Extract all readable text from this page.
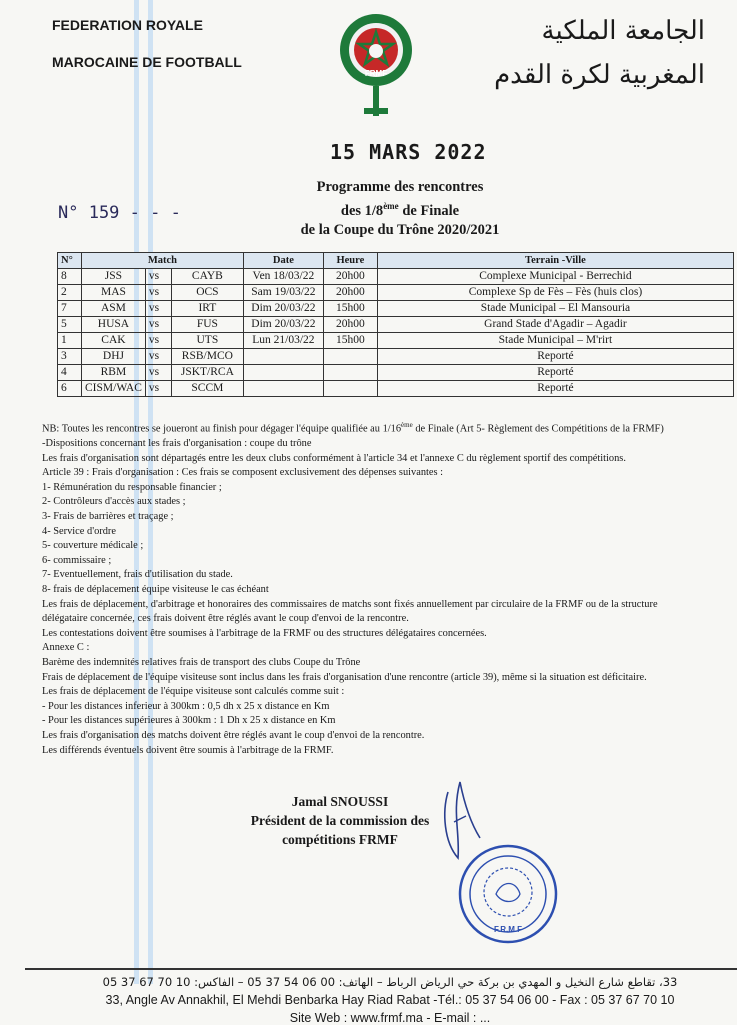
FEDERATION ROYALE
MAROCAINE DE FOOTBALL
الجامعة الملكية
المغربية لكرة القدم
FRMF
15 MARS 2022
N° 159 - - -
Programme des rencontres
des 1/8ème de Finale
de la Coupe du Trône 2020/2021
N°	Match			Date	Heure	Terrain -Ville
8	JSS	vs	CAYB	Ven 18/03/22	20h00	Complexe Municipal - Berrechid
2	MAS	vs	OCS	Sam 19/03/22	20h00	Complexe Sp de Fès – Fès (huis clos)
7	ASM	vs	IRT	Dim 20/03/22	15h00	Stade Municipal – El Mansouria
5	HUSA	vs	FUS	Dim 20/03/22	20h00	Grand Stade d'Agadir – Agadir
1	CAK	vs	UTS	Lun 21/03/22	15h00	Stade Municipal – M'rirt
3	DHJ	vs	RSB/MCO			Reporté
4	RBM	vs	JSKT/RCA			Reporté
6	CISM/WAC	vs	SCCM			Reporté
NB: Toutes les rencontres se joueront au finish pour dégager l'équipe qualifiée au 1/16ème de Finale (Art 5- Règlement des Compétitions de la FRMF)
-Dispositions concernant les frais d'organisation : coupe du trône
Les frais d'organisation sont départagés entre les deux clubs conformément à l'article 34 et l'annexe C du règlement sportif des compétitions.
Article 39 : Frais d'organisation : Ces frais se composent exclusivement des dépenses suivantes :
1- Rémunération du responsable financier ;
2- Contrôleurs d'accès aux stades ;
3- Frais de barrières et traçage ;
4- Service d'ordre
5- couverture médicale ;
6- commissaire ;
7- Eventuellement, frais d'utilisation du stade.
8- frais de déplacement équipe visiteuse le cas échéant
Les frais de déplacement, d'arbitrage et honoraires des commissaires de matchs sont fixés annuellement par circulaire de la FRMF ou de la structure
délégataire concernée, ces frais doivent être réglés avant le coup d'envoi de la rencontre.
Les contestations doivent être soumises à l'arbitrage de la FRMF ou des structures délégataires concernées.
Annexe C :
Barème des indemnités relatives frais de transport des clubs Coupe du Trône
Frais de déplacement de l'équipe visiteuse sont inclus dans les frais d'organisation d'une rencontre (article 39), même si la situation est déficitaire.
Les frais de déplacement de l'équipe visiteuse sont calculés comme suit :
- Pour les distances inferieur à 300km : 0,5 dh x 25 x distance en Km
- Pour les distances supérieures à 300km : 1 Dh x 25 x distance en Km
Les frais d'organisation des matchs doivent être réglés avant le coup d'envoi de la rencontre.
Les différends éventuels doivent être soumis à l'arbitrage de la FRMF.
Jamal SNOUSSI
Président de la commission des
compétitions FRMF
F.R.M.F
33، تقاطع شارع النخيل و المهدي بن بركة حي الرياض الرباط – الهاتف: 00 06 54 37 05 – الفاكس: 10 70 67 37 05
33, Angle Av Annakhil, El Mehdi Benbarka Hay Riad Rabat -Tél.: 05 37 54 06 00 - Fax : 05 37 67 70 10
Site Web : www.frmf.ma - E-mail : ...
